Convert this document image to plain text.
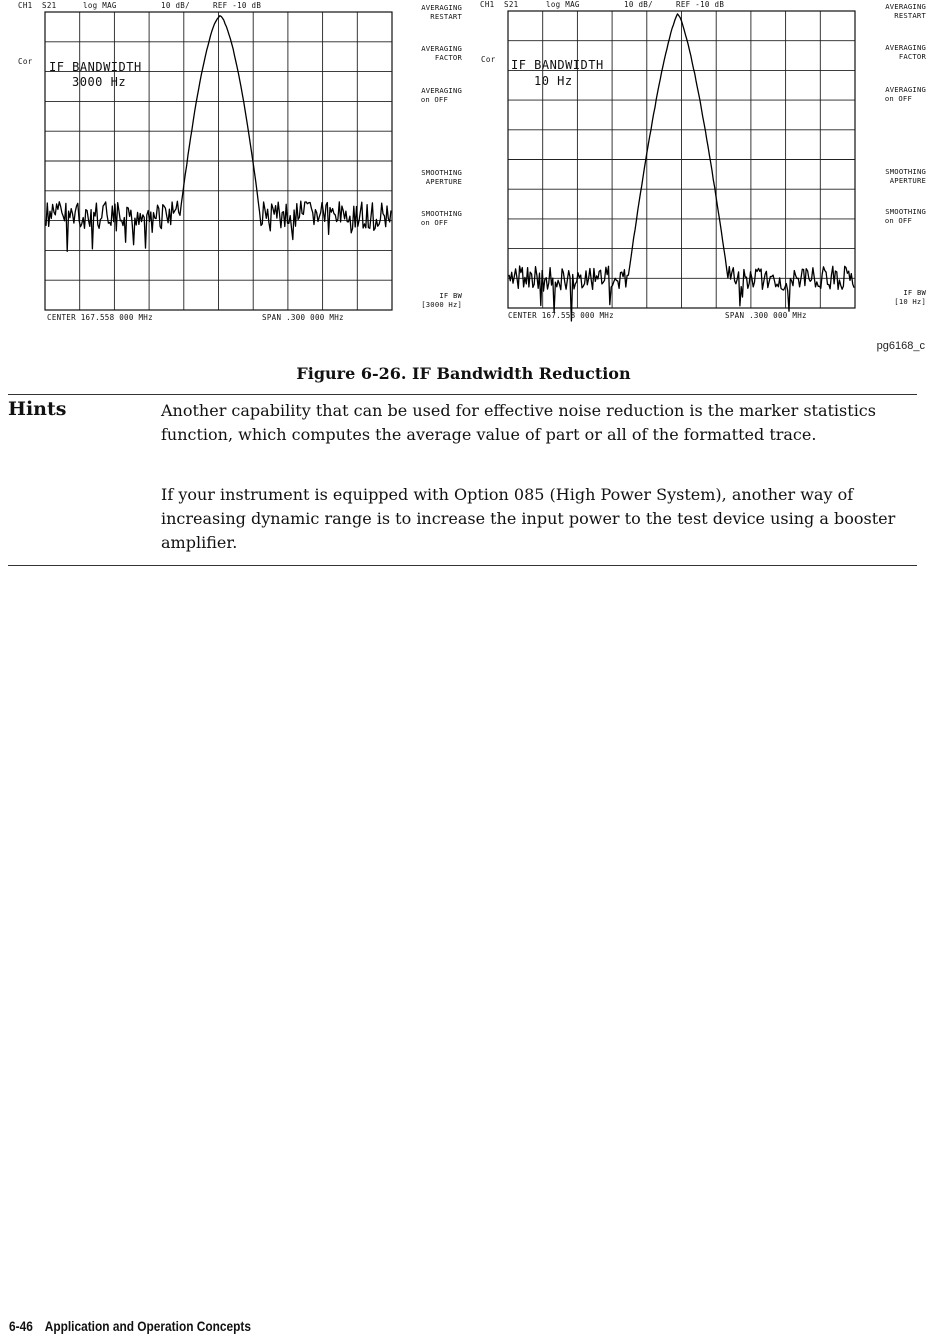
CH1 S21	log MAG	10 dB/	REF -10 dB
Cor IF BANDWIDTH
3000 Hz
CENTER 167.558 000 MHz	SPAN .300 000 MHz
AVERAGING
RESTART
AVERAGING
FACTOR
AVERAGING
on OFF
SMOOTHING
APERTURE
SMOOTHING
on OFF
IF BW
[3000 Hz]
CH1 S21	log MAG	10 dB/	REF -10 dB
Cor IF BANDWIDTH
10 Hz
CENTER 167.558 000 MHz	SPAN .300 000 MHz
AVERAGING
RESTART
AVERAGING
FACTOR
AVERAGING
on OFF
SMOOTHING
APERTURE
SMOOTHING
on OFF
IF BW
[10 Hz]
pg6168_c
Figure 6-26. IF Bandwidth Reduction
Hints	Another capability that can be used for effective noise reduction is the marker statistics function, which computes the average value of part or all of the formatted trace.

If your instrument is equipped with Option 085 (High Power System), another way of increasing dynamic range is to increase the input power to the test device using a booster amplifier.

6-46 Application and Operation Concepts
